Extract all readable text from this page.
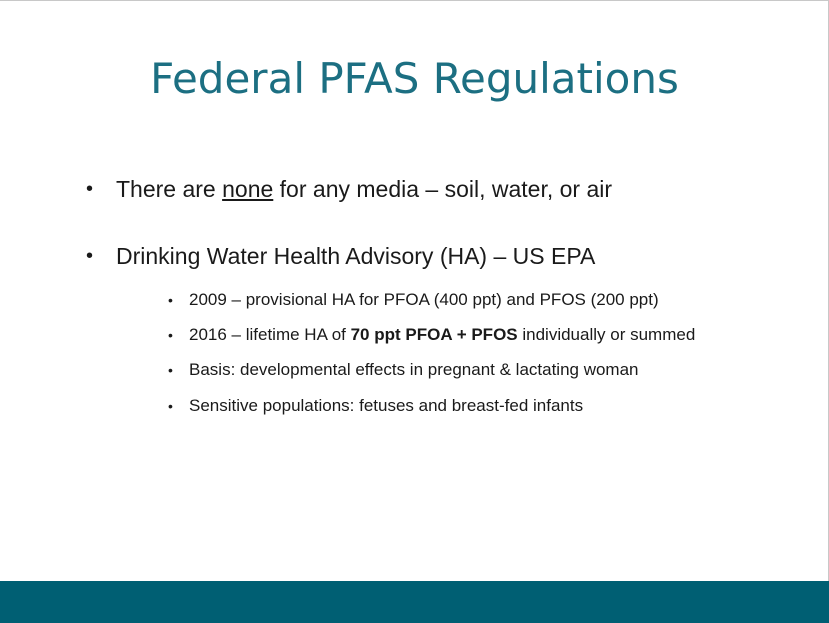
Federal PFAS Regulations
• There are none for any media – soil, water, or air
• Drinking Water Health Advisory (HA) – US EPA
• 2009 – provisional HA for PFOA (400 ppt) and PFOS (200 ppt)
• 2016 – lifetime HA of 70 ppt PFOA + PFOS individually or summed
• Basis: developmental effects in pregnant & lactating woman
• Sensitive populations: fetuses and breast-fed infants
